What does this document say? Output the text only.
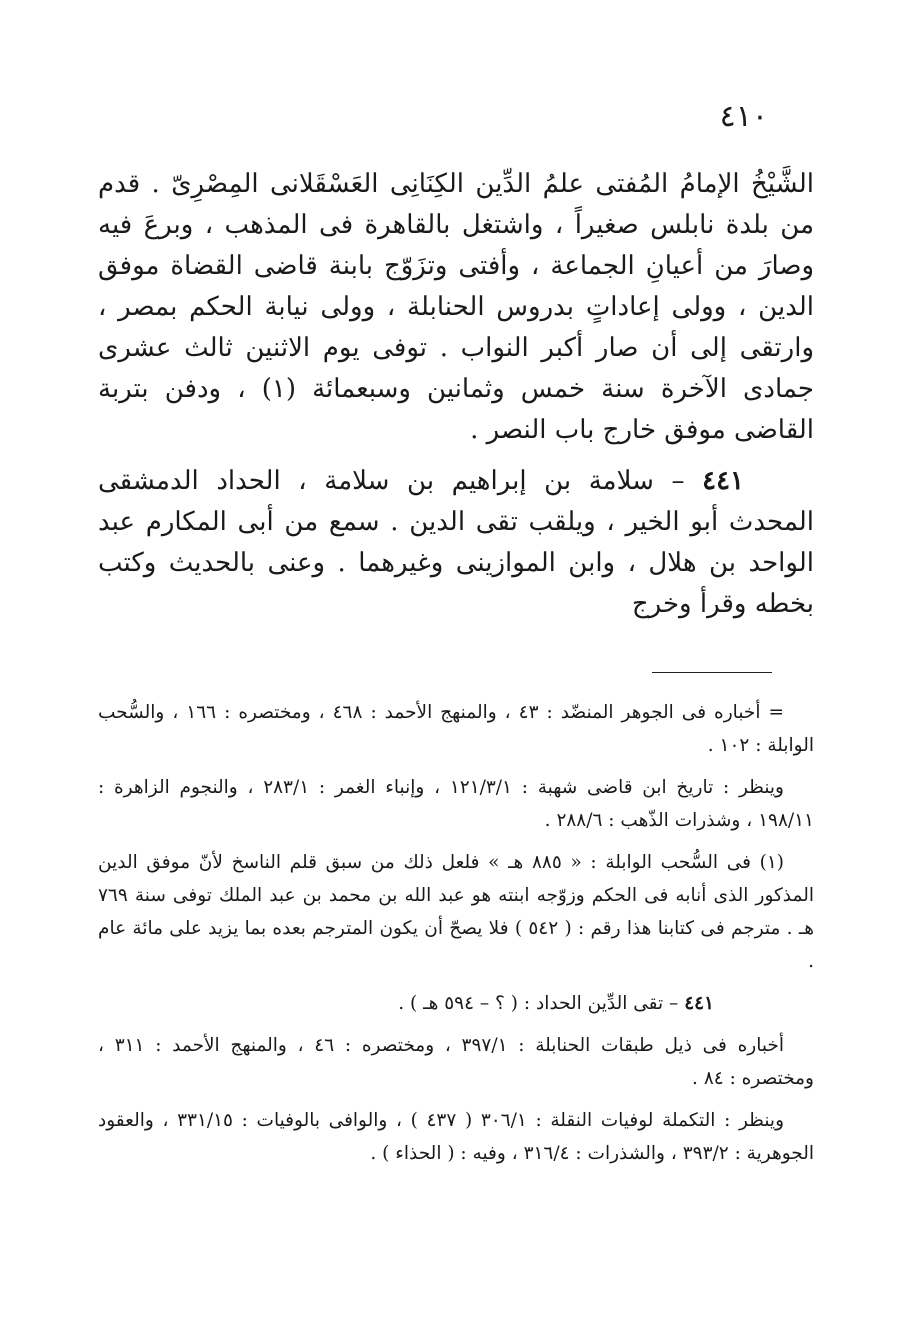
٤١٠

الشَّيْخُ الإمامُ المُفتى علمُ الدِّين الكِنَانِى العَسْقَلانى المِصْرِىّ . قدم من بلدة نابلس صغيراً ، واشتغل بالقاهرة فى المذهب ، وبرعَ فيه وصارَ من أعيانِ الجماعة ، وأفتى وتزَوّج بابنة قاضى القضاة موفق الدين ، وولى إعاداتٍ بدروس الحنابلة ، وولى نيابة الحكم بمصر ، وارتقى إلى أن صار أكبر النواب . توفى يوم الاثنين ثالث عشرى جمادى الآخرة سنة خمس وثمانين وسبعمائة (١) ، ودفن بتربة القاضى موفق خارج باب النصر .

٤٤١ – سلامة بن إبراهيم بن سلامة ، الحداد الدمشقى المحدث أبو الخير ، ويلقب تقى الدين . سمع من أبى المكارم عبد الواحد بن هلال ، وابن الموازينى وغيرهما . وعنى بالحديث وكتب بخطه وقرأ وخرج

= أخباره فى الجوهر المنضّد : ٤٣ ، والمنهج الأحمد : ٤٦٨ ، ومختصره : ١٦٦ ، والسُّحب الوابلة : ١٠٢ .

وينظر : تاريخ ابن قاضى شهبة : ١٢١/٣/١ ، وإنباء الغمر : ٢٨٣/١ ، والنجوم الزاهرة : ١٩٨/١١ ، وشذرات الذّهب : ٢٨٨/٦ .

(١) فى السُّحب الوابلة : « ٨٨٥ هـ » فلعل ذلك من سبق قلم الناسخ لأنّ موفق الدين المذكور الذى أنابه فى الحكم وزوّجه ابنته هو عبد الله بن محمد بن عبد الملك توفى سنة ٧٦٩ هـ . مترجم فى كتابنا هذا رقم : ( ٥٤٢ ) فلا يصحّ أن يكون المترجم بعده بما يزيد على مائة عام .

٤٤١ – تقى الدِّين الحداد : ( ؟ – ٥٩٤ هـ ) .

أخباره فى ذيل طبقات الحنابلة : ٣٩٧/١ ، ومختصره : ٤٦ ، والمنهج الأحمد : ٣١١ ، ومختصره : ٨٤ .

وينظر : التكملة لوفيات النقلة : ٣٠٦/١ ( ٤٣٧ ) ، والوافى بالوفيات : ٣٣١/١٥ ، والعقود الجوهرية : ٣٩٣/٢ ، والشذرات : ٣١٦/٤ ، وفيه : ( الحذاء ) .
